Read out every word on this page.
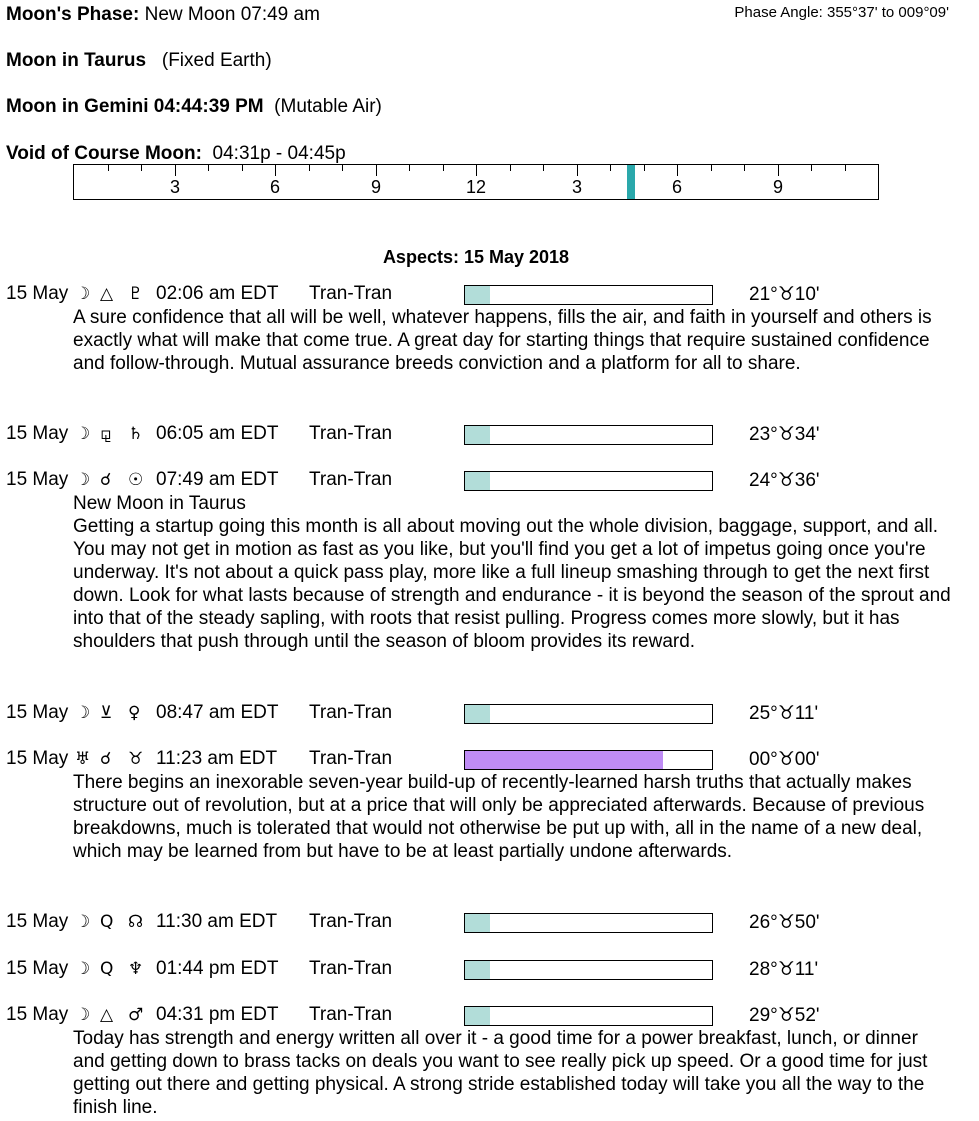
Moon's Phase: New Moon 07:49 am	Phase Angle: 355°37' to 009°09'
Moon in Taurus (Fixed Earth)
Moon in Gemini 04:44:39 PM (Mutable Air)
Void of Course Moon: 04:31p - 04:45p
3	6	9	12	3	6	9
Aspects: 15 May 2018
15 May ☽ △ ♇ 02:06 am EDT Tran-Tran	21°♉10'
A sure confidence that all will be well, whatever happens, fills the air, and faith in yourself and others is exactly what will make that come true. A great day for starting things that require sustained confidence and follow-through. Mutual assurance breeds conviction and a platform for all to share.
15 May ☽ ⚼ ♄ 06:05 am EDT Tran-Tran	23°♉34'
15 May ☽ ☌ ☉ 07:49 am EDT Tran-Tran	24°♉36'
New Moon in Taurus
Getting a startup going this month is all about moving out the whole division, baggage, support, and all. You may not get in motion as fast as you like, but you'll find you get a lot of impetus going once you're underway. It's not about a quick pass play, more like a full lineup smashing through to get the next first down. Look for what lasts because of strength and endurance - it is beyond the season of the sprout and into that of the steady sapling, with roots that resist pulling. Progress comes more slowly, but it has shoulders that push through until the season of bloom provides its reward.
15 May ☽ ⊻ ♀ 08:47 am EDT Tran-Tran	25°♉11'
15 May ♅ ☌ ♉ 11:23 am EDT Tran-Tran	00°♉00'
There begins an inexorable seven-year build-up of recently-learned harsh truths that actually makes structure out of revolution, but at a price that will only be appreciated afterwards. Because of previous breakdowns, much is tolerated that would not otherwise be put up with, all in the name of a new deal, which may be learned from but have to be at least partially undone afterwards.
15 May ☽ Q ☊ 11:30 am EDT Tran-Tran	26°♉50'
15 May ☽ Q ♆ 01:44 pm EDT Tran-Tran	28°♉11'
15 May ☽ △ ♂ 04:31 pm EDT Tran-Tran	29°♉52'
Today has strength and energy written all over it - a good time for a power breakfast, lunch, or dinner and getting down to brass tacks on deals you want to see really pick up speed. Or a good time for just getting out there and getting physical. A strong stride established today will take you all the way to the finish line.
